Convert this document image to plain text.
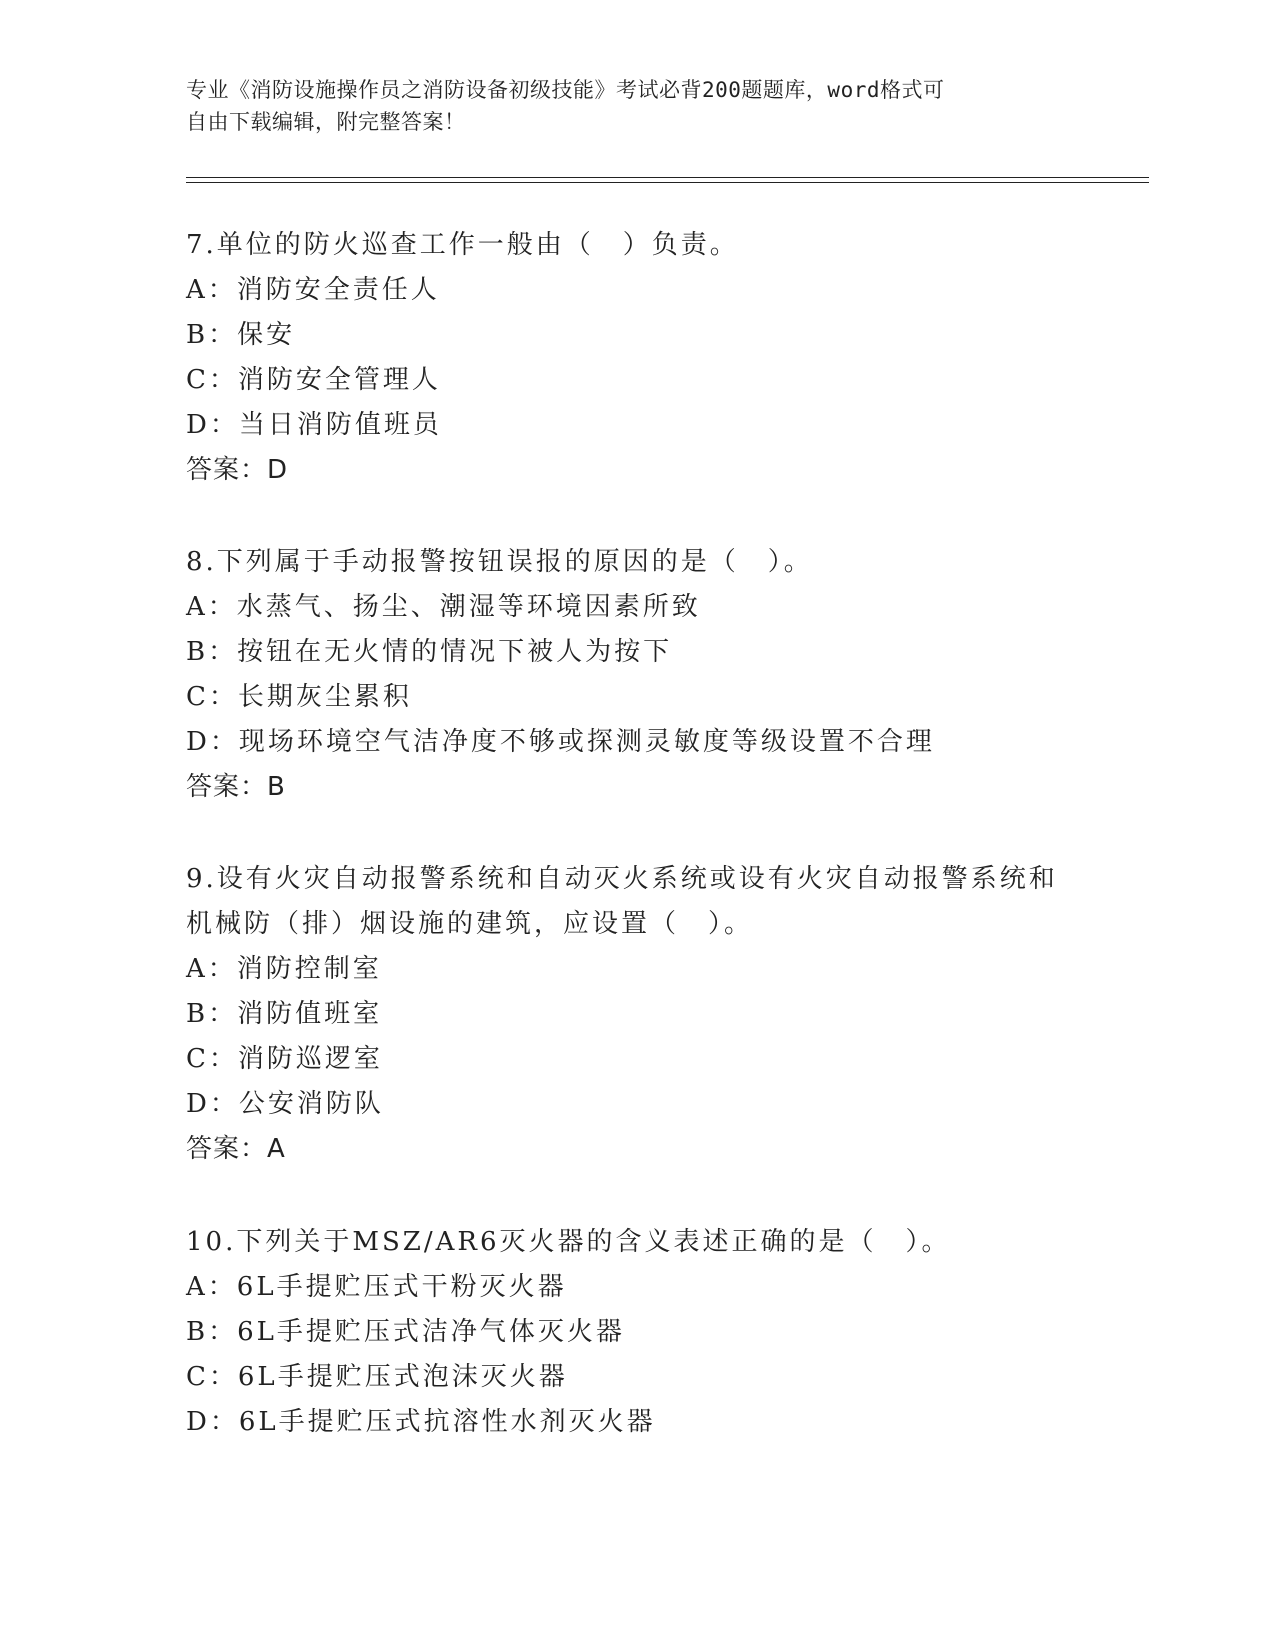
专业《消防设施操作员之消防设备初级技能》考试必背200题题库，word格式可
自由下载编辑，附完整答案！

7.单位的防火巡查工作一般由（　）负责。

A：消防安全责任人

B：保安

C：消防安全管理人

D：当日消防值班员

答案：D

8.下列属于手动报警按钮误报的原因的是（　）。

A：水蒸气、扬尘、潮湿等环境因素所致

B：按钮在无火情的情况下被人为按下

C：长期灰尘累积

D：现场环境空气洁净度不够或探测灵敏度等级设置不合理

答案：B

9.设有火灾自动报警系统和自动灭火系统或设有火灾自动报警系统和

机械防（排）烟设施的建筑，应设置（　）。

A：消防控制室

B：消防值班室

C：消防巡逻室

D：公安消防队

答案：A

10.下列关于MSZ/AR6灭火器的含义表述正确的是（　）。

A：6L手提贮压式干粉灭火器

B：6L手提贮压式洁净气体灭火器

C：6L手提贮压式泡沫灭火器

D：6L手提贮压式抗溶性水剂灭火器
